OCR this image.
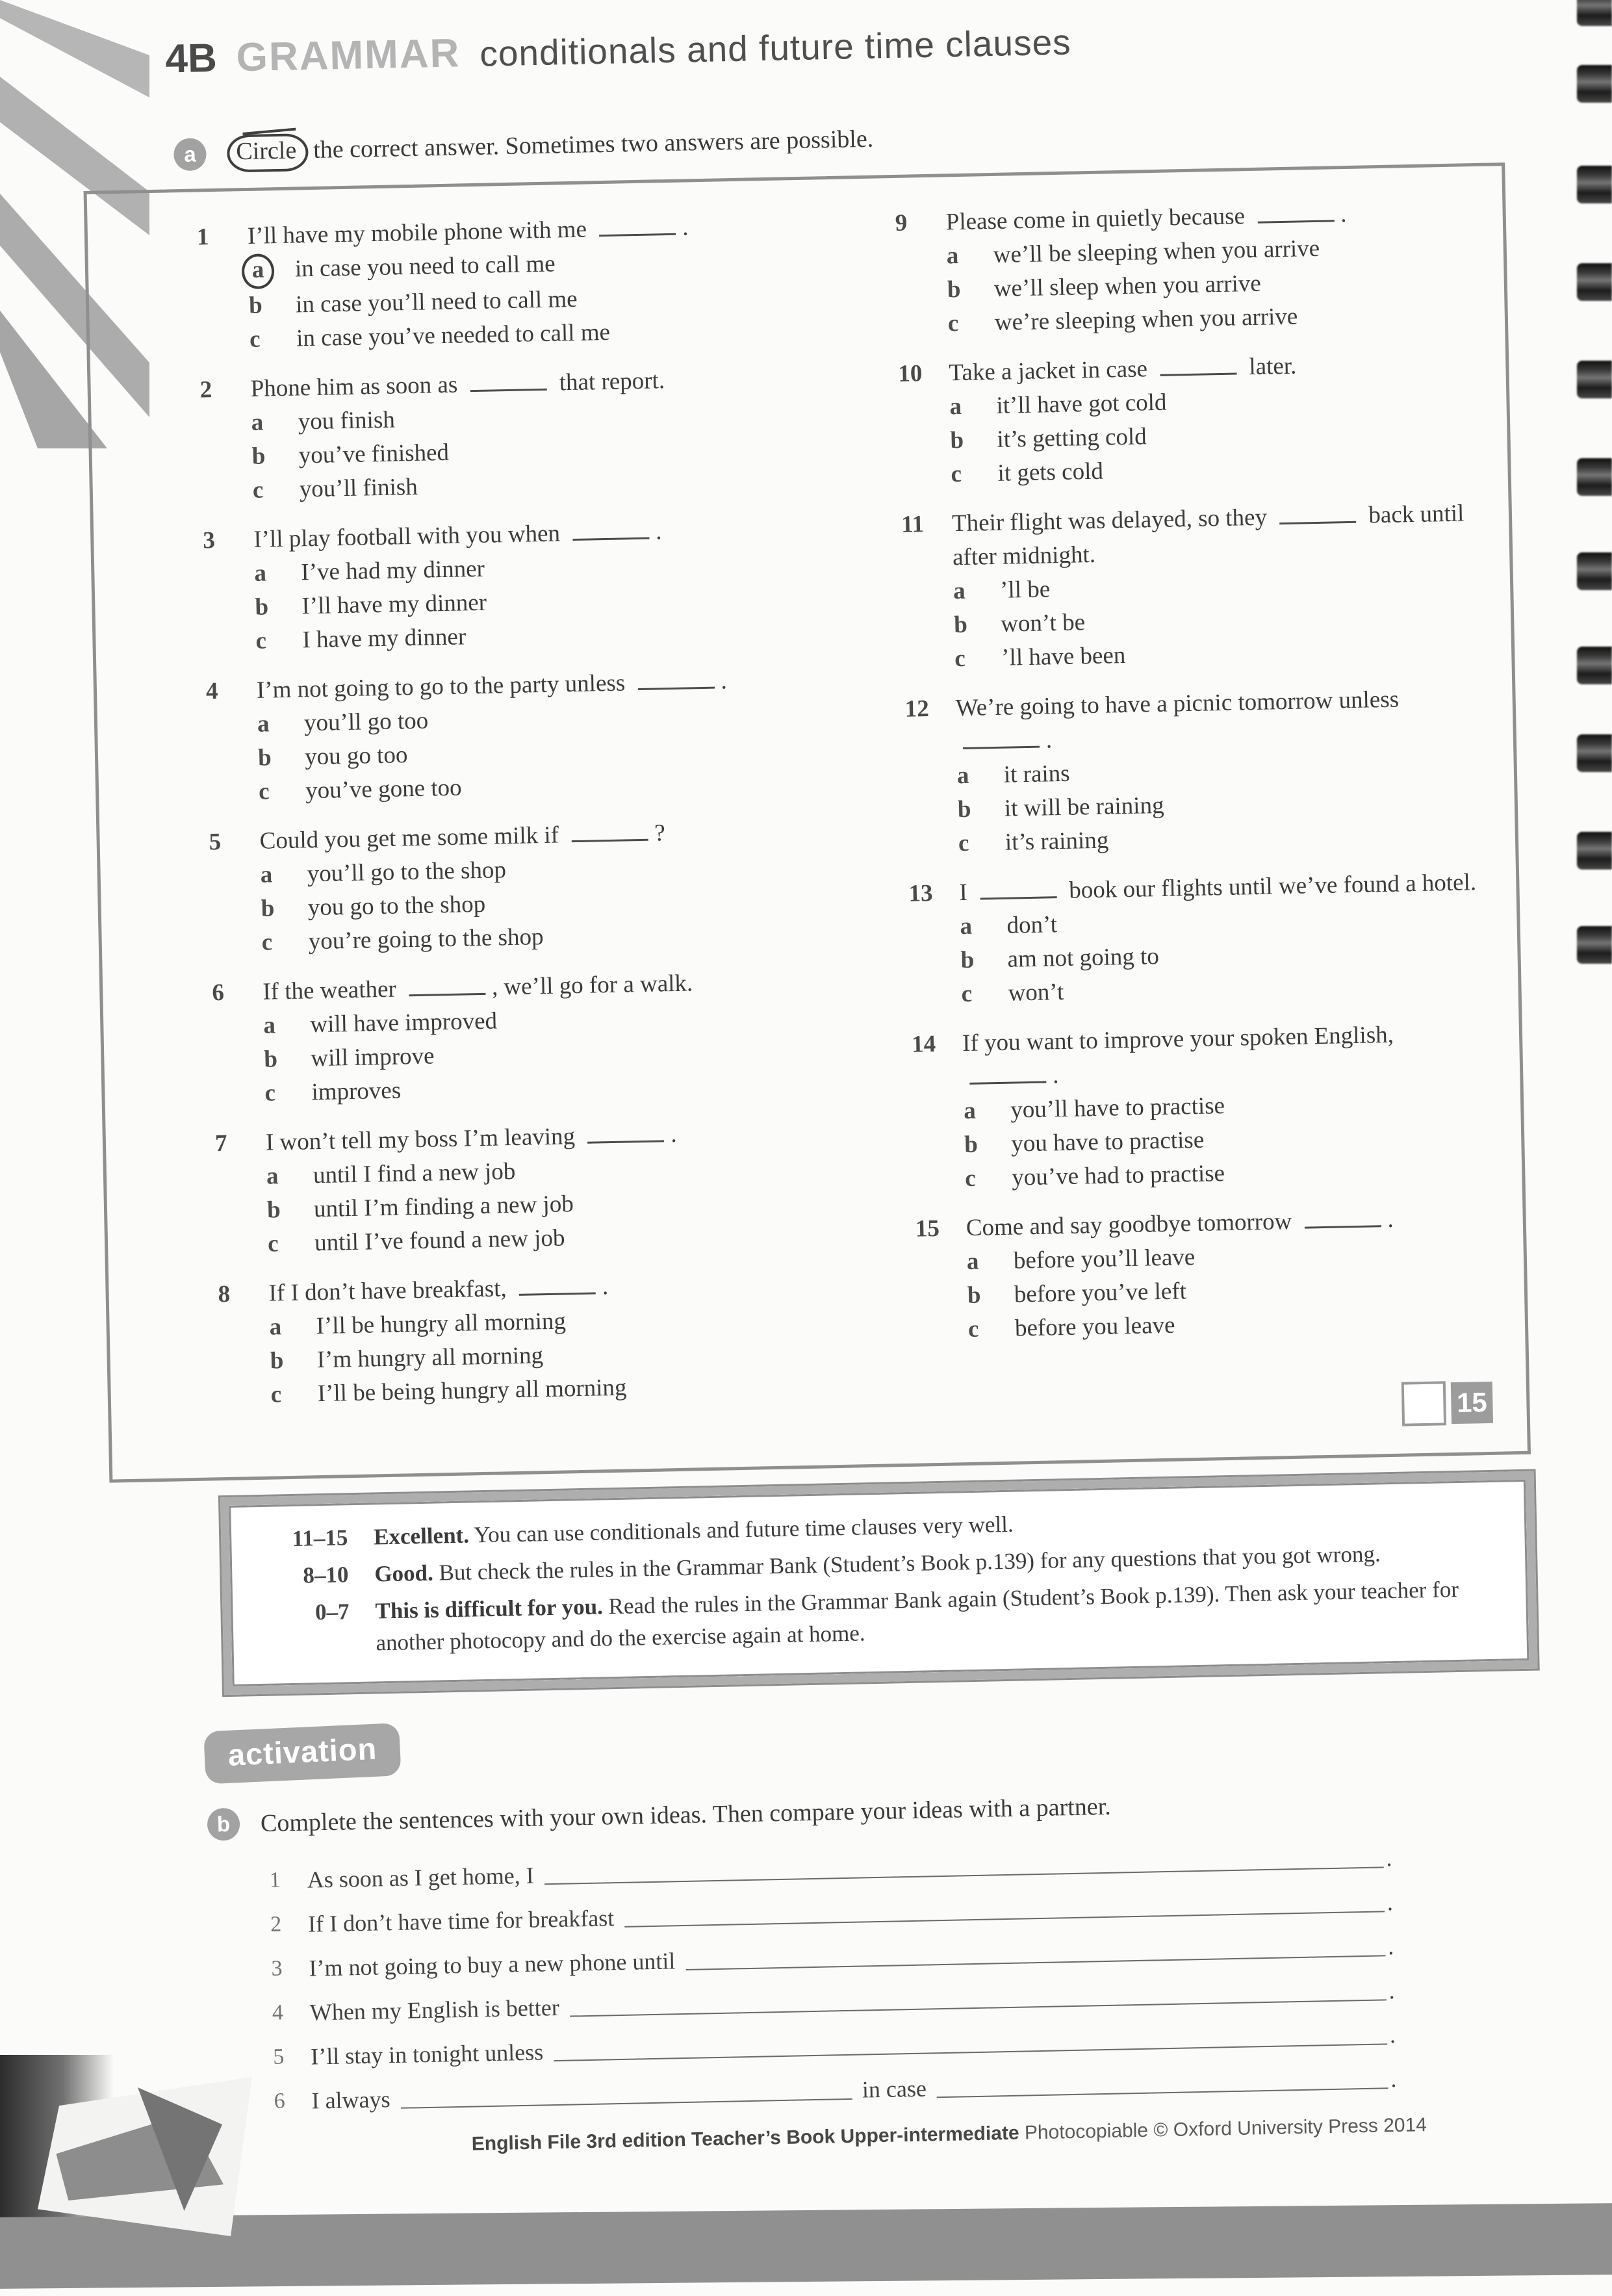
4B GRAMMAR conditionals and future time clauses
a	Circle the correct answer. Sometimes two answers are possible.
1	I’ll have my mobile phone with me	.
a	in case you need to call me
b	in case you’ll need to call me
c	in case you’ve needed to call me
2	Phone him as soon as	that report.
a	you finish
b	you’ve finished
c	you’ll finish
3	I’ll play football with you when	.
a	I’ve had my dinner
b	I’ll have my dinner
c	I have my dinner
4	I’m not going to go to the party unless	.
a	you’ll go too
b	you go too
c	you’ve gone too
5	Could you get me some milk if	?
a	you’ll go to the shop
b	you go to the shop
c	you’re going to the shop
6	If the weather	, we’ll go for a walk.
a	will have improved
b	will improve
c	improves
7	I won’t tell my boss I’m leaving	.
a	until I find a new job
b	until I’m finding a new job
c	until I’ve found a new job
8	If I don’t have breakfast,	.
a	I’ll be hungry all morning
b	I’m hungry all morning
c	I’ll be being hungry all morning
9	Please come in quietly because	.
a	we’ll be sleeping when you arrive
b	we’ll sleep when you arrive
c	we’re sleeping when you arrive
10	Take a jacket in case	later.
a	it’ll have got cold
b	it’s getting cold
c	it gets cold
11	Their flight was delayed, so they	back until after midnight.
a	’ll be
b	won’t be
c	’ll have been
12	We’re going to have a picnic tomorrow unless .
a	it rains
b	it will be raining
c	it’s raining
13	I	book our flights until we’ve found a hotel.
a	don’t
b	am not going to
c	won’t
14	If you want to improve your spoken English, .
a	you’ll have to practise
b	you have to practise
c	you’ve had to practise
15	Come and say goodbye tomorrow	.
a	before you’ll leave
b	before you’ve left
c	before you leave
15
11–15 Excellent. You can use conditionals and future time clauses very well.
8–10 Good. But check the rules in the Grammar Bank (Student’s Book p.139) for any questions that you got wrong.
0–7 This is difficult for you. Read the rules in the Grammar Bank again (Student’s Book p.139). Then ask your teacher for another photocopy and do the exercise again at home.
activation
b	Complete the sentences with your own ideas. Then compare your ideas with a partner.
1	As soon as I get home, I
.
2	If I don’t have time for breakfast
.
3	I’m not going to buy a new phone until
.
4	When my English is better
.
5	I’ll stay in tonight unless
.
6	I always	in case	.
English File 3rd edition Teacher’s Book Upper-intermediate Photocopiable © Oxford University Press 2014
